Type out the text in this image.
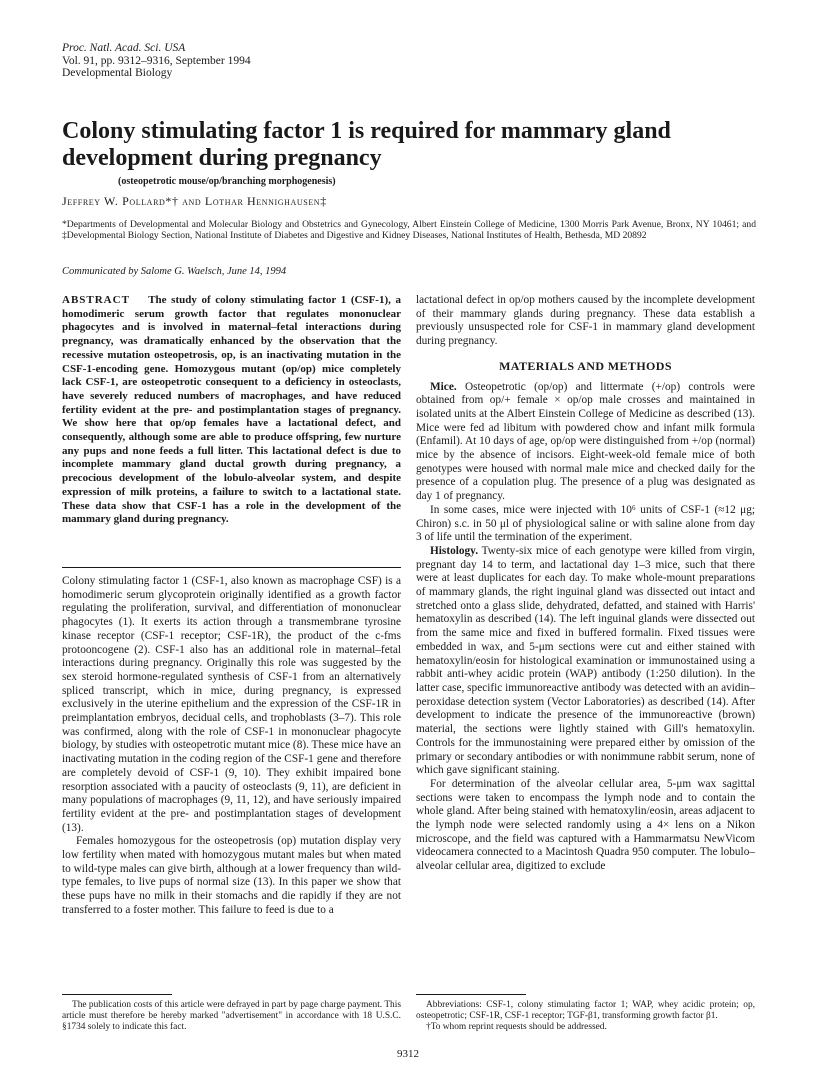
Proc. Natl. Acad. Sci. USA
Vol. 91, pp. 9312–9316, September 1994
Developmental Biology
Colony stimulating factor 1 is required for mammary gland development during pregnancy
(osteopetrotic mouse/op/branching morphogenesis)
Jeffrey W. Pollard*† and Lothar Hennighausen‡
*Departments of Developmental and Molecular Biology and Obstetrics and Gynecology, Albert Einstein College of Medicine, 1300 Morris Park Avenue, Bronx, NY 10461; and ‡Developmental Biology Section, National Institute of Diabetes and Digestive and Kidney Diseases, National Institutes of Health, Bethesda, MD 20892
Communicated by Salome G. Waelsch, June 14, 1994
ABSTRACT The study of colony stimulating factor 1 (CSF-1), a homodimeric serum growth factor that regulates mononuclear phagocytes and is involved in maternal–fetal interactions during pregnancy, was dramatically enhanced by the observation that the recessive mutation osteopetrosis, op, is an inactivating mutation in the CSF-1-encoding gene. Homozygous mutant (op/op) mice completely lack CSF-1, are osteopetrotic consequent to a deficiency in osteoclasts, have severely reduced numbers of macrophages, and have reduced fertility evident at the pre- and postimplantation stages of pregnancy. We show here that op/op females have a lactational defect, and consequently, although some are able to produce offspring, few nurture any pups and none feeds a full litter. This lactational defect is due to incomplete mammary gland ductal growth during pregnancy, a precocious development of the lobulo-alveolar system, and despite expression of milk proteins, a failure to switch to a lactational state. These data show that CSF-1 has a role in the development of the mammary gland during pregnancy.

Colony stimulating factor 1 (CSF-1, also known as macrophage CSF) is a homodimeric serum glycoprotein originally identified as a growth factor regulating the proliferation, survival, and differentiation of mononuclear phagocytes (1). It exerts its action through a transmembrane tyrosine kinase receptor (CSF-1 receptor; CSF-1R), the product of the c-fms protooncogene (2). CSF-1 also has an additional role in maternal–fetal interactions during pregnancy. Originally this role was suggested by the sex steroid hormone-regulated synthesis of CSF-1 from an alternatively spliced transcript, which in mice, during pregnancy, is expressed exclusively in the uterine epithelium and the expression of the CSF-1R in preimplantation embryos, decidual cells, and trophoblasts (3–7). This role was confirmed, along with the role of CSF-1 in mononuclear phagocyte biology, by studies with osteopetrotic mutant mice (8). These mice have an inactivating mutation in the coding region of the CSF-1 gene and therefore are completely devoid of CSF-1 (9, 10). They exhibit impaired bone resorption associated with a paucity of osteoclasts (9, 11), are deficient in many populations of macrophages (9, 11, 12), and have seriously impaired fertility evident at the pre- and postimplantation stages of development (13).

Females homozygous for the osteopetrosis (op) mutation display very low fertility when mated with homozygous mutant males but when mated to wild-type males can give birth, although at a lower frequency than wild-type females, to live pups of normal size (13). In this paper we show that these pups have no milk in their stomachs and die rapidly if they are not transferred to a foster mother. This failure to feed is due to a

lactational defect in op/op mothers caused by the incomplete development of their mammary glands during pregnancy. These data establish a previously unsuspected role for CSF-1 in mammary gland development during pregnancy.

MATERIALS AND METHODS

Mice. Osteopetrotic (op/op) and littermate (+/op) controls were obtained from op/+ female × op/op male crosses and maintained in isolated units at the Albert Einstein College of Medicine as described (13). Mice were fed ad libitum with powdered chow and infant milk formula (Enfamil). At 10 days of age, op/op were distinguished from +/op (normal) mice by the absence of incisors. Eight-week-old female mice of both genotypes were housed with normal male mice and checked daily for the presence of a copulation plug. The presence of a plug was designated as day 1 of pregnancy.

In some cases, mice were injected with 10⁶ units of CSF-1 (≈12 μg; Chiron) s.c. in 50 μl of physiological saline or with saline alone from day 3 of life until the termination of the experiment.

Histology. Twenty-six mice of each genotype were killed from virgin, pregnant day 14 to term, and lactational day 1–3 mice, such that there were at least duplicates for each day. To make whole-mount preparations of mammary glands, the right inguinal gland was dissected out intact and stretched onto a glass slide, dehydrated, defatted, and stained with Harris' hematoxylin as described (14). The left inguinal glands were dissected out from the same mice and fixed in buffered formalin. Fixed tissues were embedded in wax, and 5-μm sections were cut and either stained with hematoxylin/eosin for histological examination or immunostained using a rabbit anti-whey acidic protein (WAP) antibody (1:250 dilution). In the latter case, specific immunoreactive antibody was detected with an avidin–peroxidase detection system (Vector Laboratories) as described (14). After development to indicate the presence of the immunoreactive (brown) material, the sections were lightly stained with Gill's hematoxylin. Controls for the immunostaining were prepared either by omission of the primary or secondary antibodies or with nonimmune rabbit serum, none of which gave significant staining.

For determination of the alveolar cellular area, 5-μm wax sagittal sections were taken to encompass the lymph node and to contain the whole gland. After being stained with hematoxylin/eosin, areas adjacent to the lymph node were selected randomly using a 4× lens on a Nikon microscope, and the field was captured with a Hammarmatsu NewVicom videocamera connected to a Macintosh Quadra 950 computer. The lobulo–alveolar cellular area, digitized to exclude

The publication costs of this article were defrayed in part by page charge payment. This article must therefore be hereby marked "advertisement" in accordance with 18 U.S.C. §1734 solely to indicate this fact.

Abbreviations: CSF-1, colony stimulating factor 1; WAP, whey acidic protein; op, osteopetrotic; CSF-1R, CSF-1 receptor; TGF-β1, transforming growth factor β1.

†To whom reprint requests should be addressed.

9312
